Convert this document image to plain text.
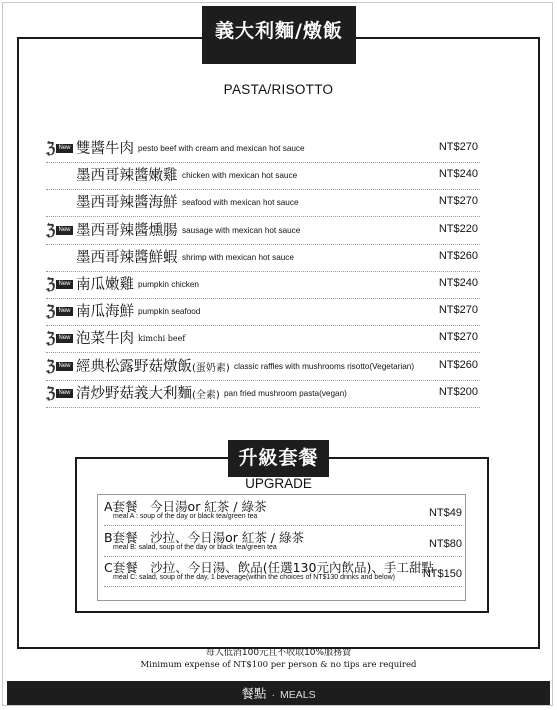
義大利麵/燉飯
PASTA/RISOTTO
ℨ New 雙醬牛肉 pesto beef with cream and mexican hot sauce	NT$270
墨西哥辣醬嫩雞 chicken with mexican hot sauce	NT$240
墨西哥辣醬海鮮 seafood with mexican hot sauce	NT$270
ℨ New 墨西哥辣醬燻腸 sausage with mexican hot sauce	NT$220
墨西哥辣醬鮮蝦 shrimp with mexican hot sauce	NT$260
ℨ New 南瓜嫩雞 pumpkin chicken	NT$240
ℨ New 南瓜海鮮 pumpkin seafood	NT$270
ℨ New 泡菜牛肉 kimchi beef	NT$270
ℨ New 經典松露野菇燉飯 (蛋奶素) classic raffles with mushrooms risotto(Vegetarian) NT$260
ℨ New 清炒野菇義大利麵 (全素) pan fried mushroom pasta(vegan)	NT$200
升級套餐
UPGRADE
A套餐　今日湯or 紅茶 / 綠茶
meal A : soup of the day or black tea/green tea	NT$49
B套餐　沙拉、今日湯or 紅茶 / 綠茶
meal B: salad, soup of the day or black tea/green tea	NT$80
C套餐　沙拉、今日湯、飲品(任選130元內飲品)、手工甜點
meal C: salad, soup of the day, 1 beverage(within the choices of NT$130 drinks and below)	NT$150
每人低消100元且不收取10%服務費
Minimum expense of NT$100 per person & no tips are required
餐點 · MEALS
